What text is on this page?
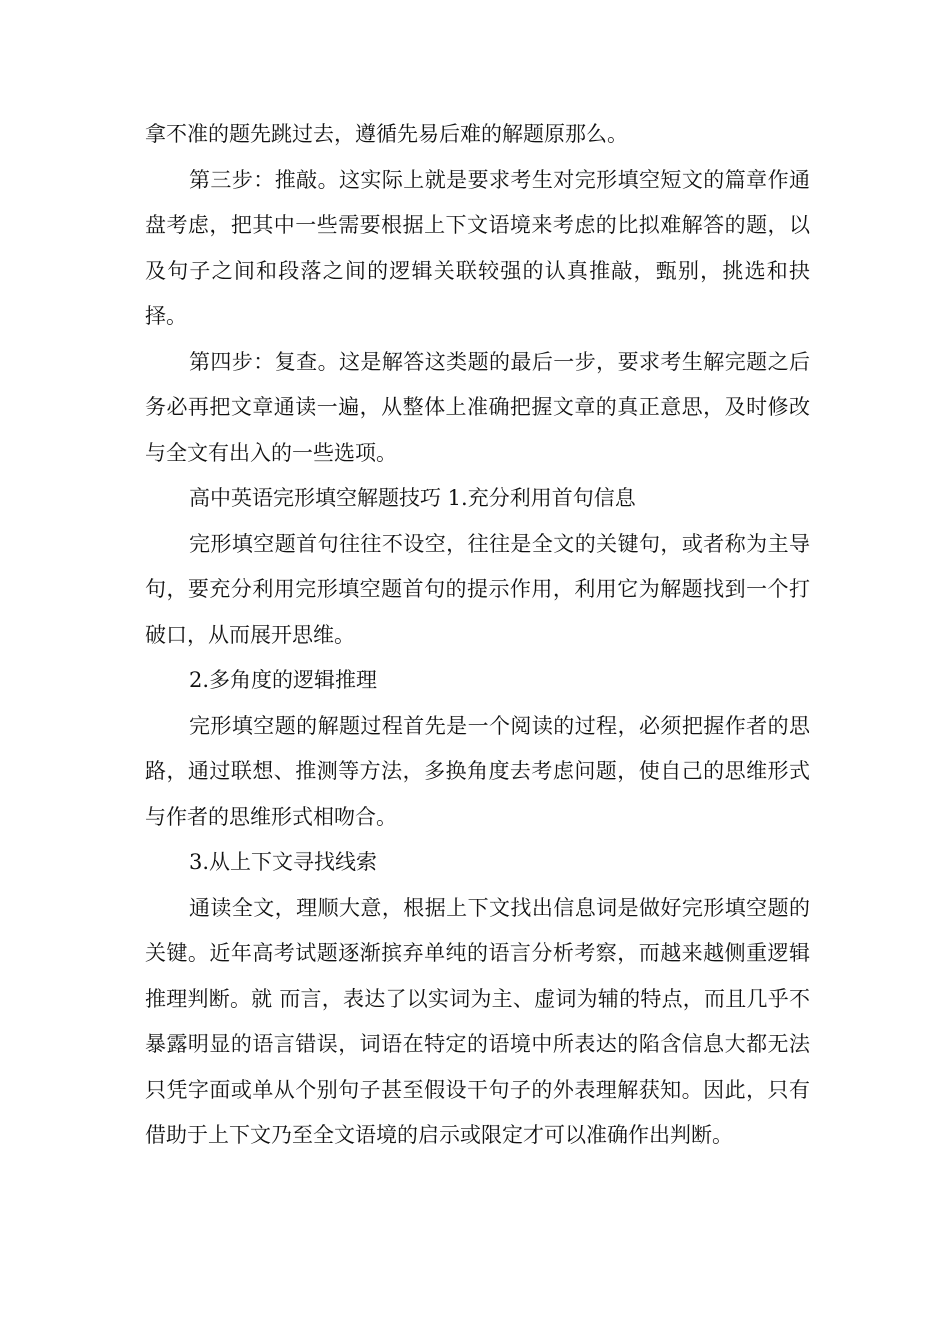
拿不准的题先跳过去，遵循先易后难的解题原那么。

第三步：推敲。这实际上就是要求考生对完形填空短文的篇章作通盘考虑，把其中一些需要根据上下文语境来考虑的比拟难解答的题，以及句子之间和段落之间的逻辑关联较强的认真推敲，甄别，挑选和抉择。

第四步：复查。这是解答这类题的最后一步，要求考生解完题之后务必再把文章通读一遍，从整体上准确把握文章的真正意思，及时修改与全文有出入的一些选项。

高中英语完形填空解题技巧 1.充分利用首句信息

完形填空题首句往往不设空，往往是全文的关键句，或者称为主导句，要充分利用完形填空题首句的提示作用，利用它为解题找到一个打破口，从而展开思维。

2.多角度的逻辑推理

完形填空题的解题过程首先是一个阅读的过程，必须把握作者的思路，通过联想、推测等方法，多换角度去考虑问题，使自己的思维形式与作者的思维形式相吻合。

3.从上下文寻找线索

通读全文，理顺大意，根据上下文找出信息词是做好完形填空题的关键。近年高考试题逐渐摈弃单纯的语言分析考察，而越来越侧重逻辑推理判断。就 而言，表达了以实词为主、虚词为辅的特点，而且几乎不暴露明显的语言错误，词语在特定的语境中所表达的陷含信息大都无法只凭字面或单从个别句子甚至假设干句子的外表理解获知。因此，只有借助于上下文乃至全文语境的启示或限定才可以准确作出判断。
